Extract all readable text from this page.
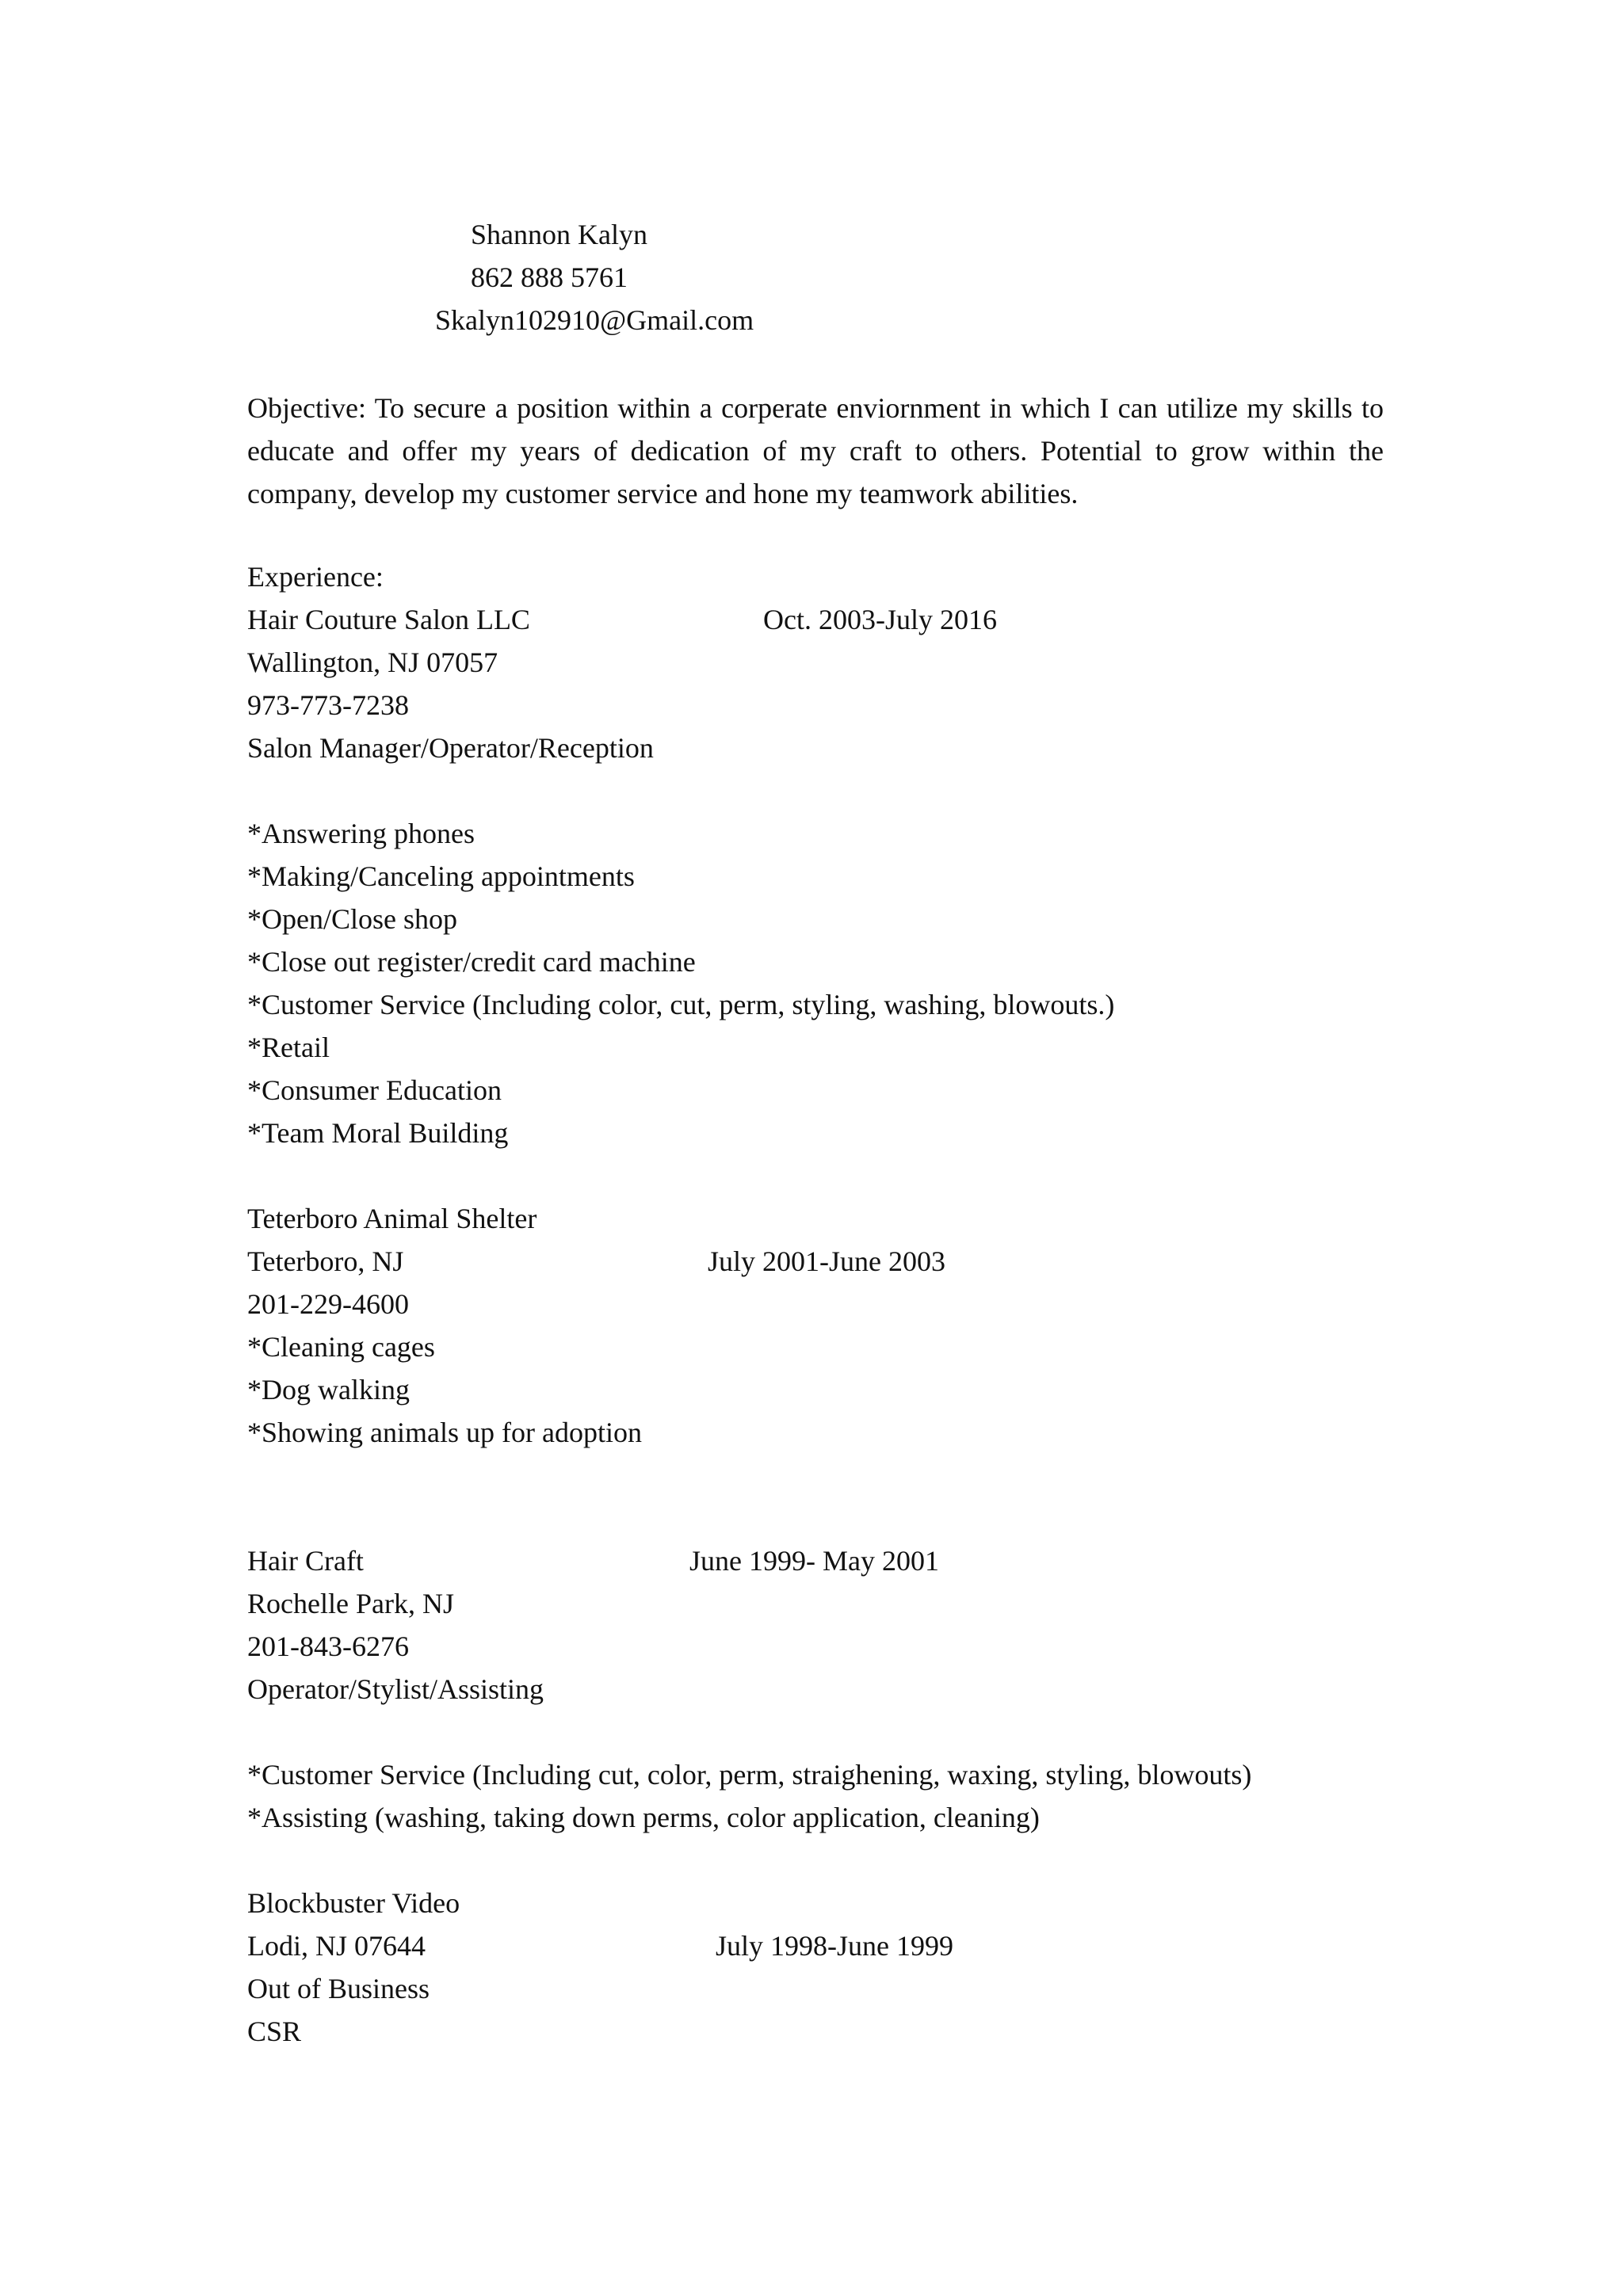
Shannon Kalyn
862 888 5761
Skalyn102910@Gmail.com
Objective: To secure a position within a corperate enviornment in which I can utilize my skills to
educate and offer my years of dedication of my craft to others. Potential to grow within the
company, develop my customer service and hone my teamwork abilities.
Experience:
Hair Couture Salon LLC	Oct. 2003-July 2016
Wallington, NJ 07057
973-773-7238
Salon Manager/Operator/Reception
*Answering phones
*Making/Canceling appointments
*Open/Close shop
*Close out register/credit card machine
*Customer Service (Including color, cut, perm, styling, washing, blowouts.)
*Retail
*Consumer Education
*Team Moral Building
Teterboro Animal Shelter
Teterboro, NJ	July 2001-June 2003
201-229-4600
*Cleaning cages
*Dog walking
*Showing animals up for adoption
Hair Craft	June 1999- May 2001
Rochelle Park, NJ
201-843-6276
Operator/Stylist/Assisting
*Customer Service (Including cut, color, perm, straighening, waxing, styling, blowouts)
*Assisting (washing, taking down perms, color application, cleaning)
Blockbuster Video
Lodi, NJ 07644	July 1998-June 1999
Out of Business
CSR
